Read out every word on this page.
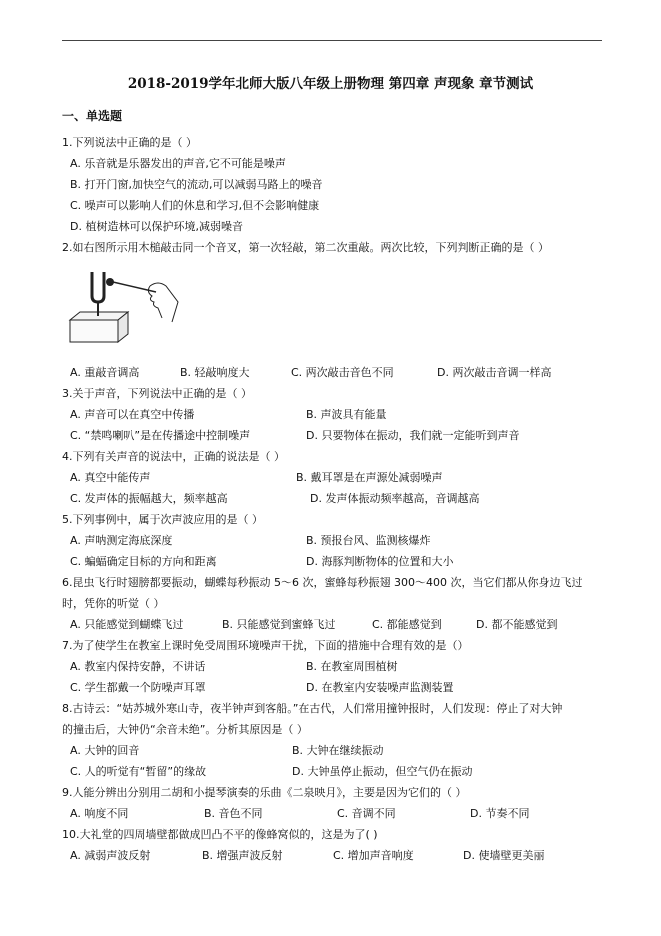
2018-2019学年北师大版八年级上册物理 第四章 声现象 章节测试
一、单选题
1.下列说法中正确的是（ ）
A. 乐音就是乐器发出的声音,它不可能是噪声
B. 打开门窗,加快空气的流动,可以减弱马路上的噪音
C. 噪声可以影响人们的休息和学习,但不会影响健康
D. 植树造林可以保护环境,减弱噪音
2.如右图所示用木槌敲击同一个音叉，第一次轻敲，第二次重敲。两次比较，下列判断正确的是（ ）
A. 重敲音调高	B. 轻敲响度大	C. 两次敲击音色不同	D. 两次敲击音调一样高
3.关于声音，下列说法中正确的是（ ）
A. 声音可以在真空中传播	B. 声波具有能量
C. “禁鸣喇叭”是在传播途中控制噪声	D. 只要物体在振动，我们就一定能听到声音
4.下列有关声音的说法中，正确的说法是（ ）
A. 真空中能传声	B. 戴耳罩是在声源处减弱噪声
C. 发声体的振幅越大，频率越高	D. 发声体振动频率越高，音调越高
5.下列事例中，属于次声波应用的是（ ）
A. 声呐测定海底深度	B. 预报台风、监测核爆炸
C. 蝙蝠确定目标的方向和距离	D. 海豚判断物体的位置和大小
6.昆虫飞行时翅膀都要振动，蝴蝶每秒振动 5～6 次，蜜蜂每秒振翅 300～400 次，当它们都从你身边飞过
时，凭你的听觉（ ）
A. 只能感觉到蝴蝶飞过	B. 只能感觉到蜜蜂飞过	C. 都能感觉到	D. 都不能感觉到
7.为了使学生在教室上课时免受周围环境噪声干扰，下面的措施中合理有效的是（）
A. 教室内保持安静，不讲话	B. 在教室周围植树
C. 学生都戴一个防噪声耳罩	D. 在教室内安装噪声监测装置
8.古诗云：“姑苏城外寒山寺，夜半钟声到客船。”在古代，人们常用撞钟报时，人们发现：停止了对大钟
的撞击后，大钟仍“余音未绝”。分析其原因是（ ）
A. 大钟的回音	B. 大钟在继续振动
C. 人的听觉有“暂留”的缘故	D. 大钟虽停止振动，但空气仍在振动
9.人能分辨出分别用二胡和小提琴演奏的乐曲《二泉映月》，主要是因为它们的（ ）
A. 响度不同	B. 音色不同	C. 音调不同	D. 节奏不同
10.大礼堂的四周墙壁都做成凹凸不平的像蜂窝似的，这是为了( )
A. 减弱声波反射	B. 增强声波反射	C. 增加声音响度	D. 使墙壁更美丽
